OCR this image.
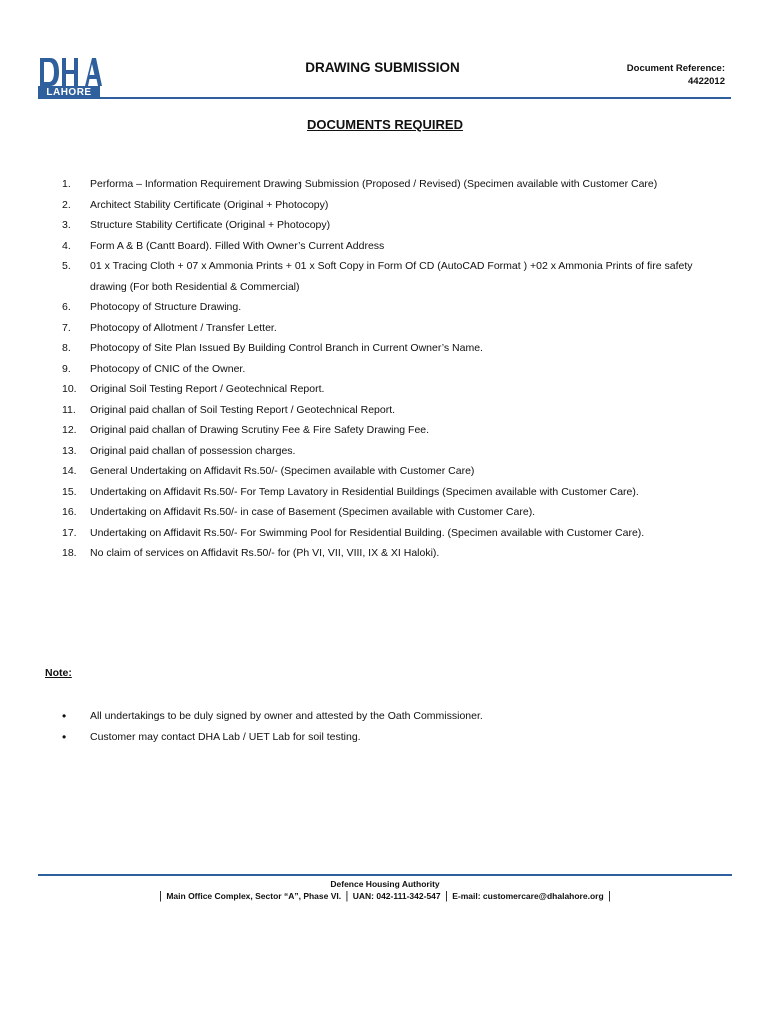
LAHORE
DRAWING SUBMISSION	Document Reference:
4422012
DOCUMENTS REQUIRED
1.	Performa – Information Requirement Drawing Submission (Proposed / Revised) (Specimen available with Customer Care)
2.	Architect Stability Certificate (Original + Photocopy)
3.	Structure Stability Certificate (Original + Photocopy)
4.	Form A & B (Cantt Board). Filled With Owner’s Current Address
5.	01 x Tracing Cloth + 07 x Ammonia Prints + 01 x Soft Copy in Form Of CD (AutoCAD Format ) +02 x Ammonia Prints of fire safety drawing (For both Residential & Commercial)
6.	Photocopy of Structure Drawing.
7.	Photocopy of Allotment / Transfer Letter.
8.	Photocopy of Site Plan Issued By Building Control Branch in Current Owner’s Name.
9.	Photocopy of CNIC of the Owner.
10.	Original Soil Testing Report / Geotechnical Report.
11.	Original paid challan of Soil Testing Report / Geotechnical Report.
12.	Original paid challan of Drawing Scrutiny Fee & Fire Safety Drawing Fee.
13.	Original paid challan of possession charges.
14.	General Undertaking on Affidavit Rs.50/- (Specimen available with Customer Care)
15.	Undertaking on Affidavit Rs.50/- For Temp Lavatory in Residential Buildings (Specimen available with Customer Care).
16.	Undertaking on Affidavit Rs.50/- in case of Basement (Specimen available with Customer Care).
17.	Undertaking on Affidavit Rs.50/- For Swimming Pool for Residential Building. (Specimen available with Customer Care).
18.	No claim of services on Affidavit Rs.50/- for (Ph VI, VII, VIII, IX & XI Haloki).
Note:
•	All undertakings to be duly signed by owner and attested by the Oath Commissioner.
•	Customer may contact DHA Lab / UET Lab for soil testing.
Defence Housing Authority
| Main Office Complex, Sector “A”, Phase VI. | UAN: 042-111-342-547 | E-mail: customercare@dhalahore.org |
